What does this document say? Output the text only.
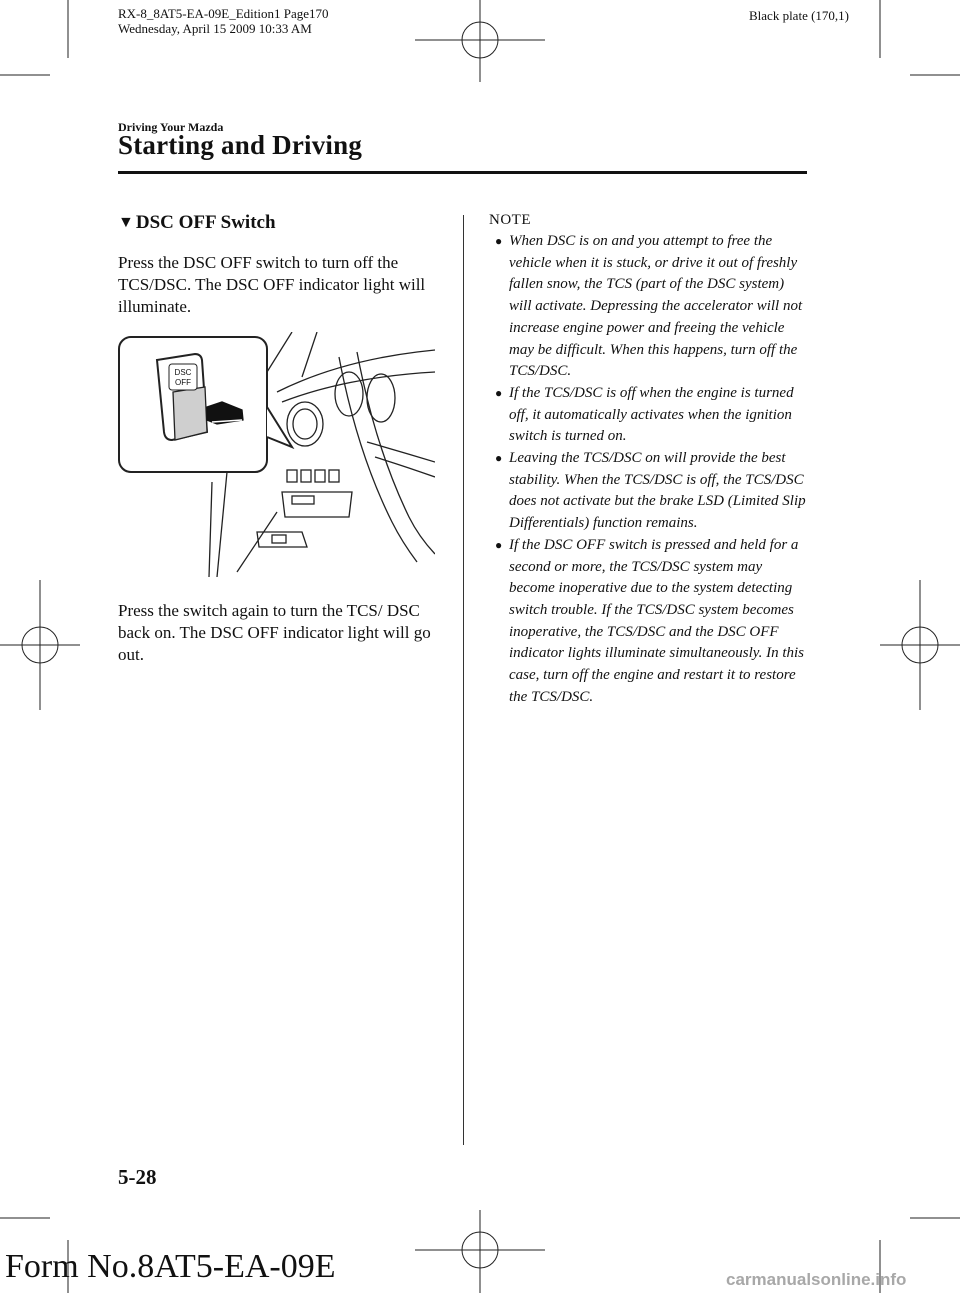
RX-8_8AT5-EA-09E_Edition1 Page170
Wednesday, April 15 2009 10:33 AM
Black plate (170,1)
Driving Your Mazda
Starting and Driving
▼ DSC OFF Switch

Press the DSC OFF switch to turn off the TCS/DSC. The DSC OFF indicator light will illuminate.

DSC
OFF

Press the switch again to turn the TCS/ DSC back on. The DSC OFF indicator light will go out.

NOTE
● When DSC is on and you attempt to free the vehicle when it is stuck, or drive it out of freshly fallen snow, the TCS (part of the DSC system) will activate. Depressing the accelerator will not increase engine power and freeing the vehicle may be difficult. When this happens, turn off the TCS/DSC.
● If the TCS/DSC is off when the engine is turned off, it automatically activates when the ignition switch is turned on.
● Leaving the TCS/DSC on will provide the best stability. When the TCS/DSC is off, the TCS/DSC does not activate but the brake LSD (Limited Slip Differentials) function remains.
● If the DSC OFF switch is pressed and held for a second or more, the TCS/DSC system may become inoperative due to the system detecting switch trouble. If the TCS/DSC system becomes inoperative, the TCS/DSC and the DSC OFF indicator lights illuminate simultaneously. In this case, turn off the engine and restart it to restore the TCS/DSC.
5-28
Form No.8AT5-EA-09E	carmanualsonline.info
